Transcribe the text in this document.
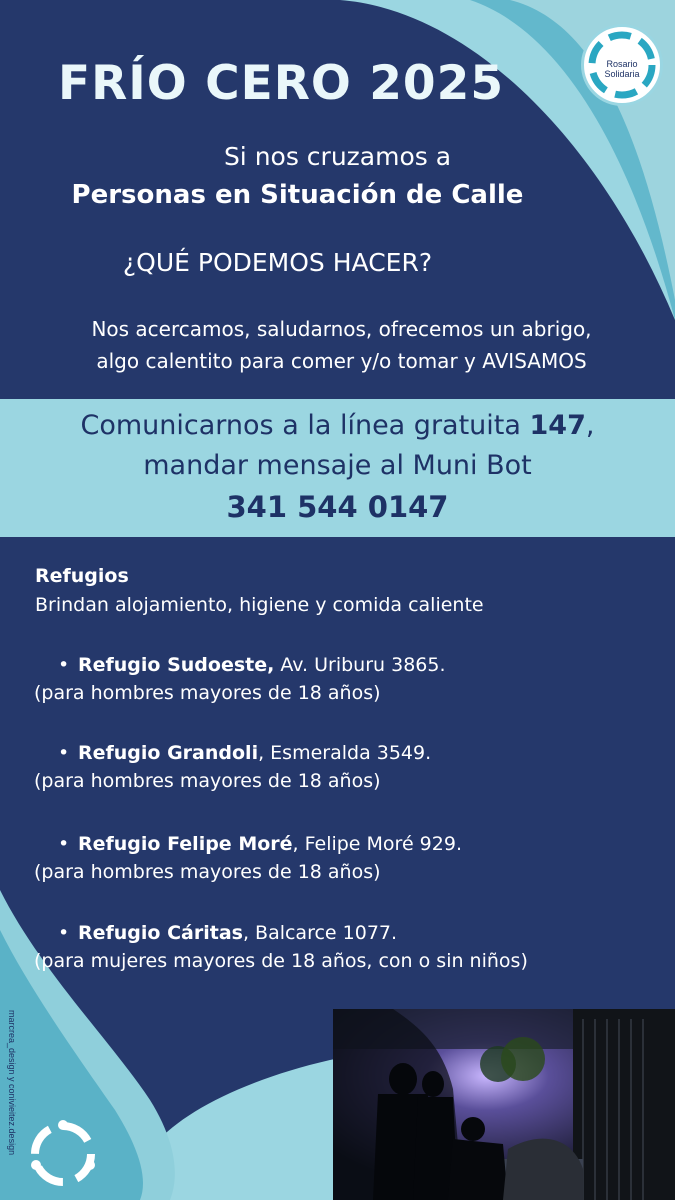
FRÍO CERO 2025	Rosario
Solidaria
Si nos cruzamos a
Personas en Situación de Calle
¿QUÉ PODEMOS HACER?
Nos acercamos, saludarnos, ofrecemos un abrigo,
algo calentito para comer y/o tomar y AVISAMOS
Comunicarnos a la línea gratuita 147,
mandar mensaje al Muni Bot
341 544 0147
Refugios
Brindan alojamiento, higiene y comida caliente
• Refugio Sudoeste, Av. Uriburu 3865.
(para hombres mayores de 18 años)
• Refugio Grandoli, Esmeralda 3549.
(para hombres mayores de 18 años)
• Refugio Felipe Moré, Felipe Moré 929.
(para hombres mayores de 18 años)
• Refugio Cáritas, Balcarce 1077.
(para mujeres mayores de 18 años, con o sin niños)
marcrea_design y conivieitez.design
